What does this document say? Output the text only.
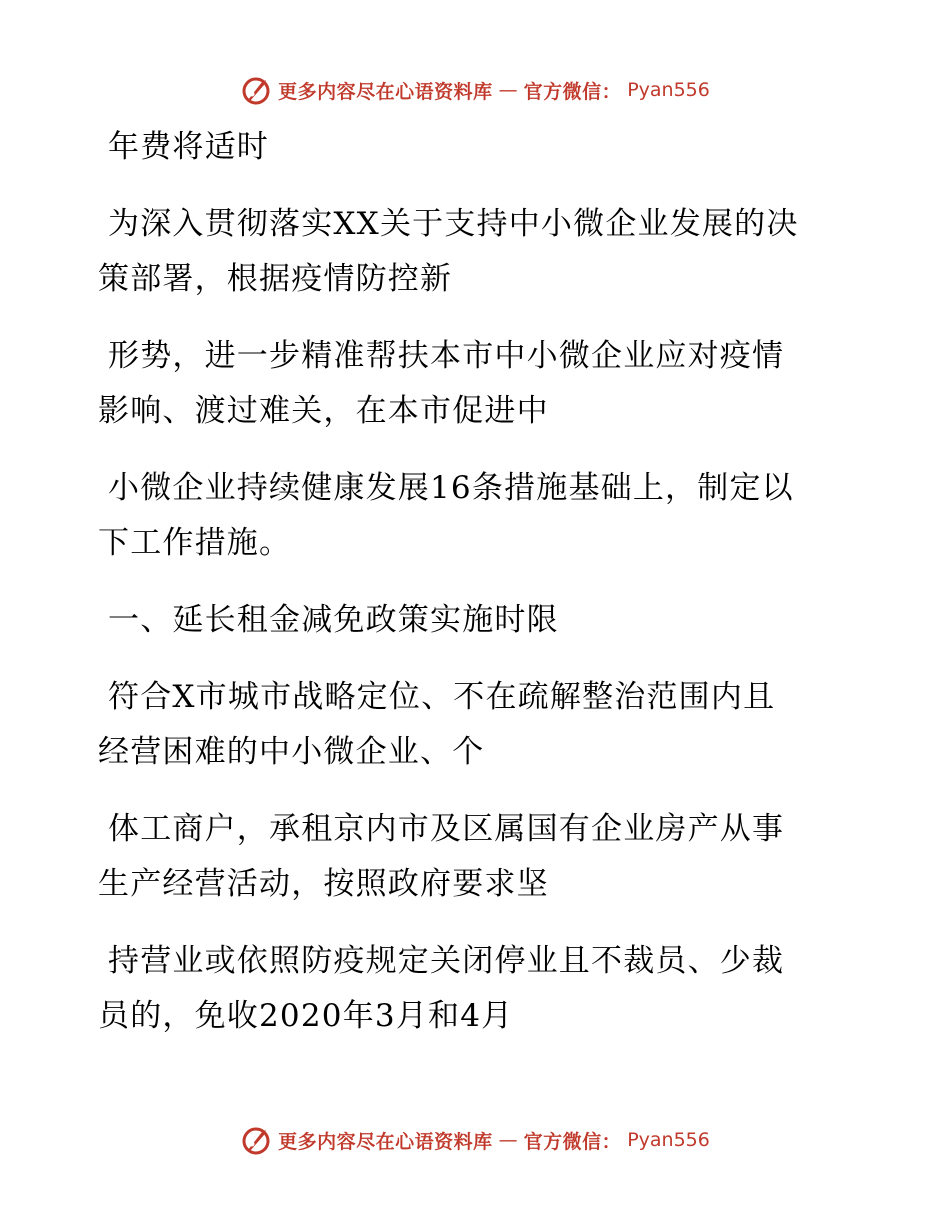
更多内容尽在心语资料库 — 官方微信： Pyan556
年费将适时
为深入贯彻落实XX关于支持中小微企业发展的决
策部署，根据疫情防控新
形势，进一步精准帮扶本市中小微企业应对疫情
影响、渡过难关，在本市促进中
小微企业持续健康发展16条措施基础上，制定以
下工作措施。
一、延长租金减免政策实施时限
符合X市城市战略定位、不在疏解整治范围内且
经营困难的中小微企业、个
体工商户，承租京内市及区属国有企业房产从事
生产经营活动，按照政府要求坚
持营业或依照防疫规定关闭停业且不裁员、少裁
员的，免收2020年3月和4月
更多内容尽在心语资料库 — 官方微信： Pyan556
